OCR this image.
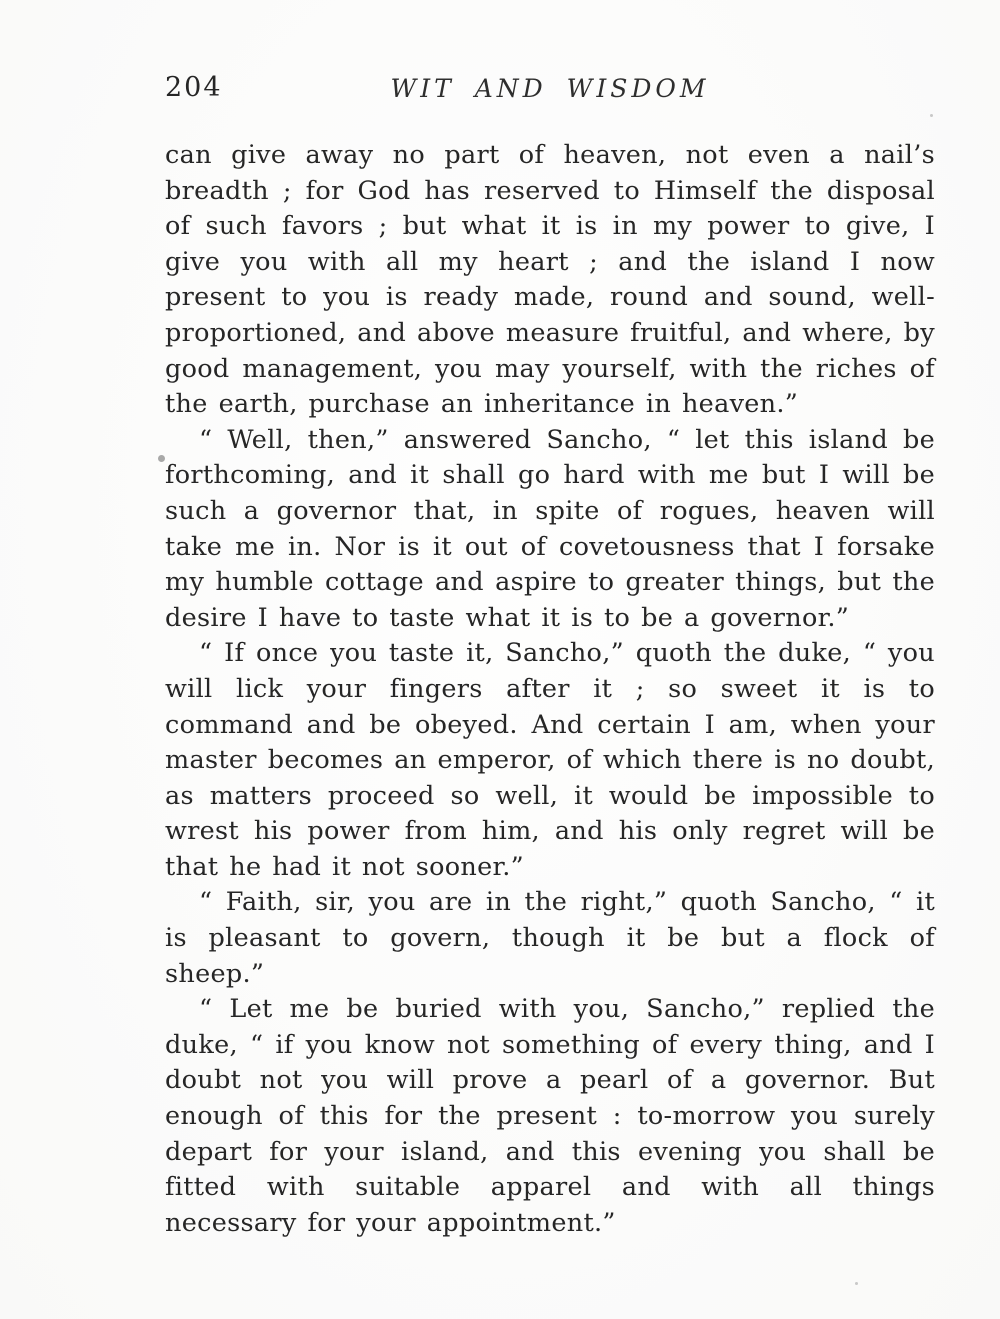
204	WIT AND WISDOM

can give away no part of heaven, not even a nail’s breadth ; for God has reserved to Himself the disposal of such favors ; but what it is in my power to give, I give you with all my heart ; and the island I now present to you is ready made, round and sound, well-proportioned, and above measure fruitful, and where, by good management, you may yourself, with the riches of the earth, purchase an inheritance in heaven.”

“ Well, then,” answered Sancho, “ let this island be forthcoming, and it shall go hard with me but I will be such a governor that, in spite of rogues, heaven will take me in. Nor is it out of covetousness that I forsake my humble cottage and aspire to greater things, but the desire I have to taste what it is to be a governor.”

“ If once you taste it, Sancho,” quoth the duke, “ you will lick your fingers after it ; so sweet it is to command and be obeyed. And certain I am, when your master becomes an emperor, of which there is no doubt, as matters proceed so well, it would be impossible to wrest his power from him, and his only regret will be that he had it not sooner.”

“ Faith, sir, you are in the right,” quoth Sancho, “ it is pleasant to govern, though it be but a flock of sheep.”

“ Let me be buried with you, Sancho,” replied the duke, “ if you know not something of every thing, and I doubt not you will prove a pearl of a governor. But enough of this for the present : to-morrow you surely depart for your island, and this evening you shall be fitted with suitable apparel and with all things necessary for your appointment.”
